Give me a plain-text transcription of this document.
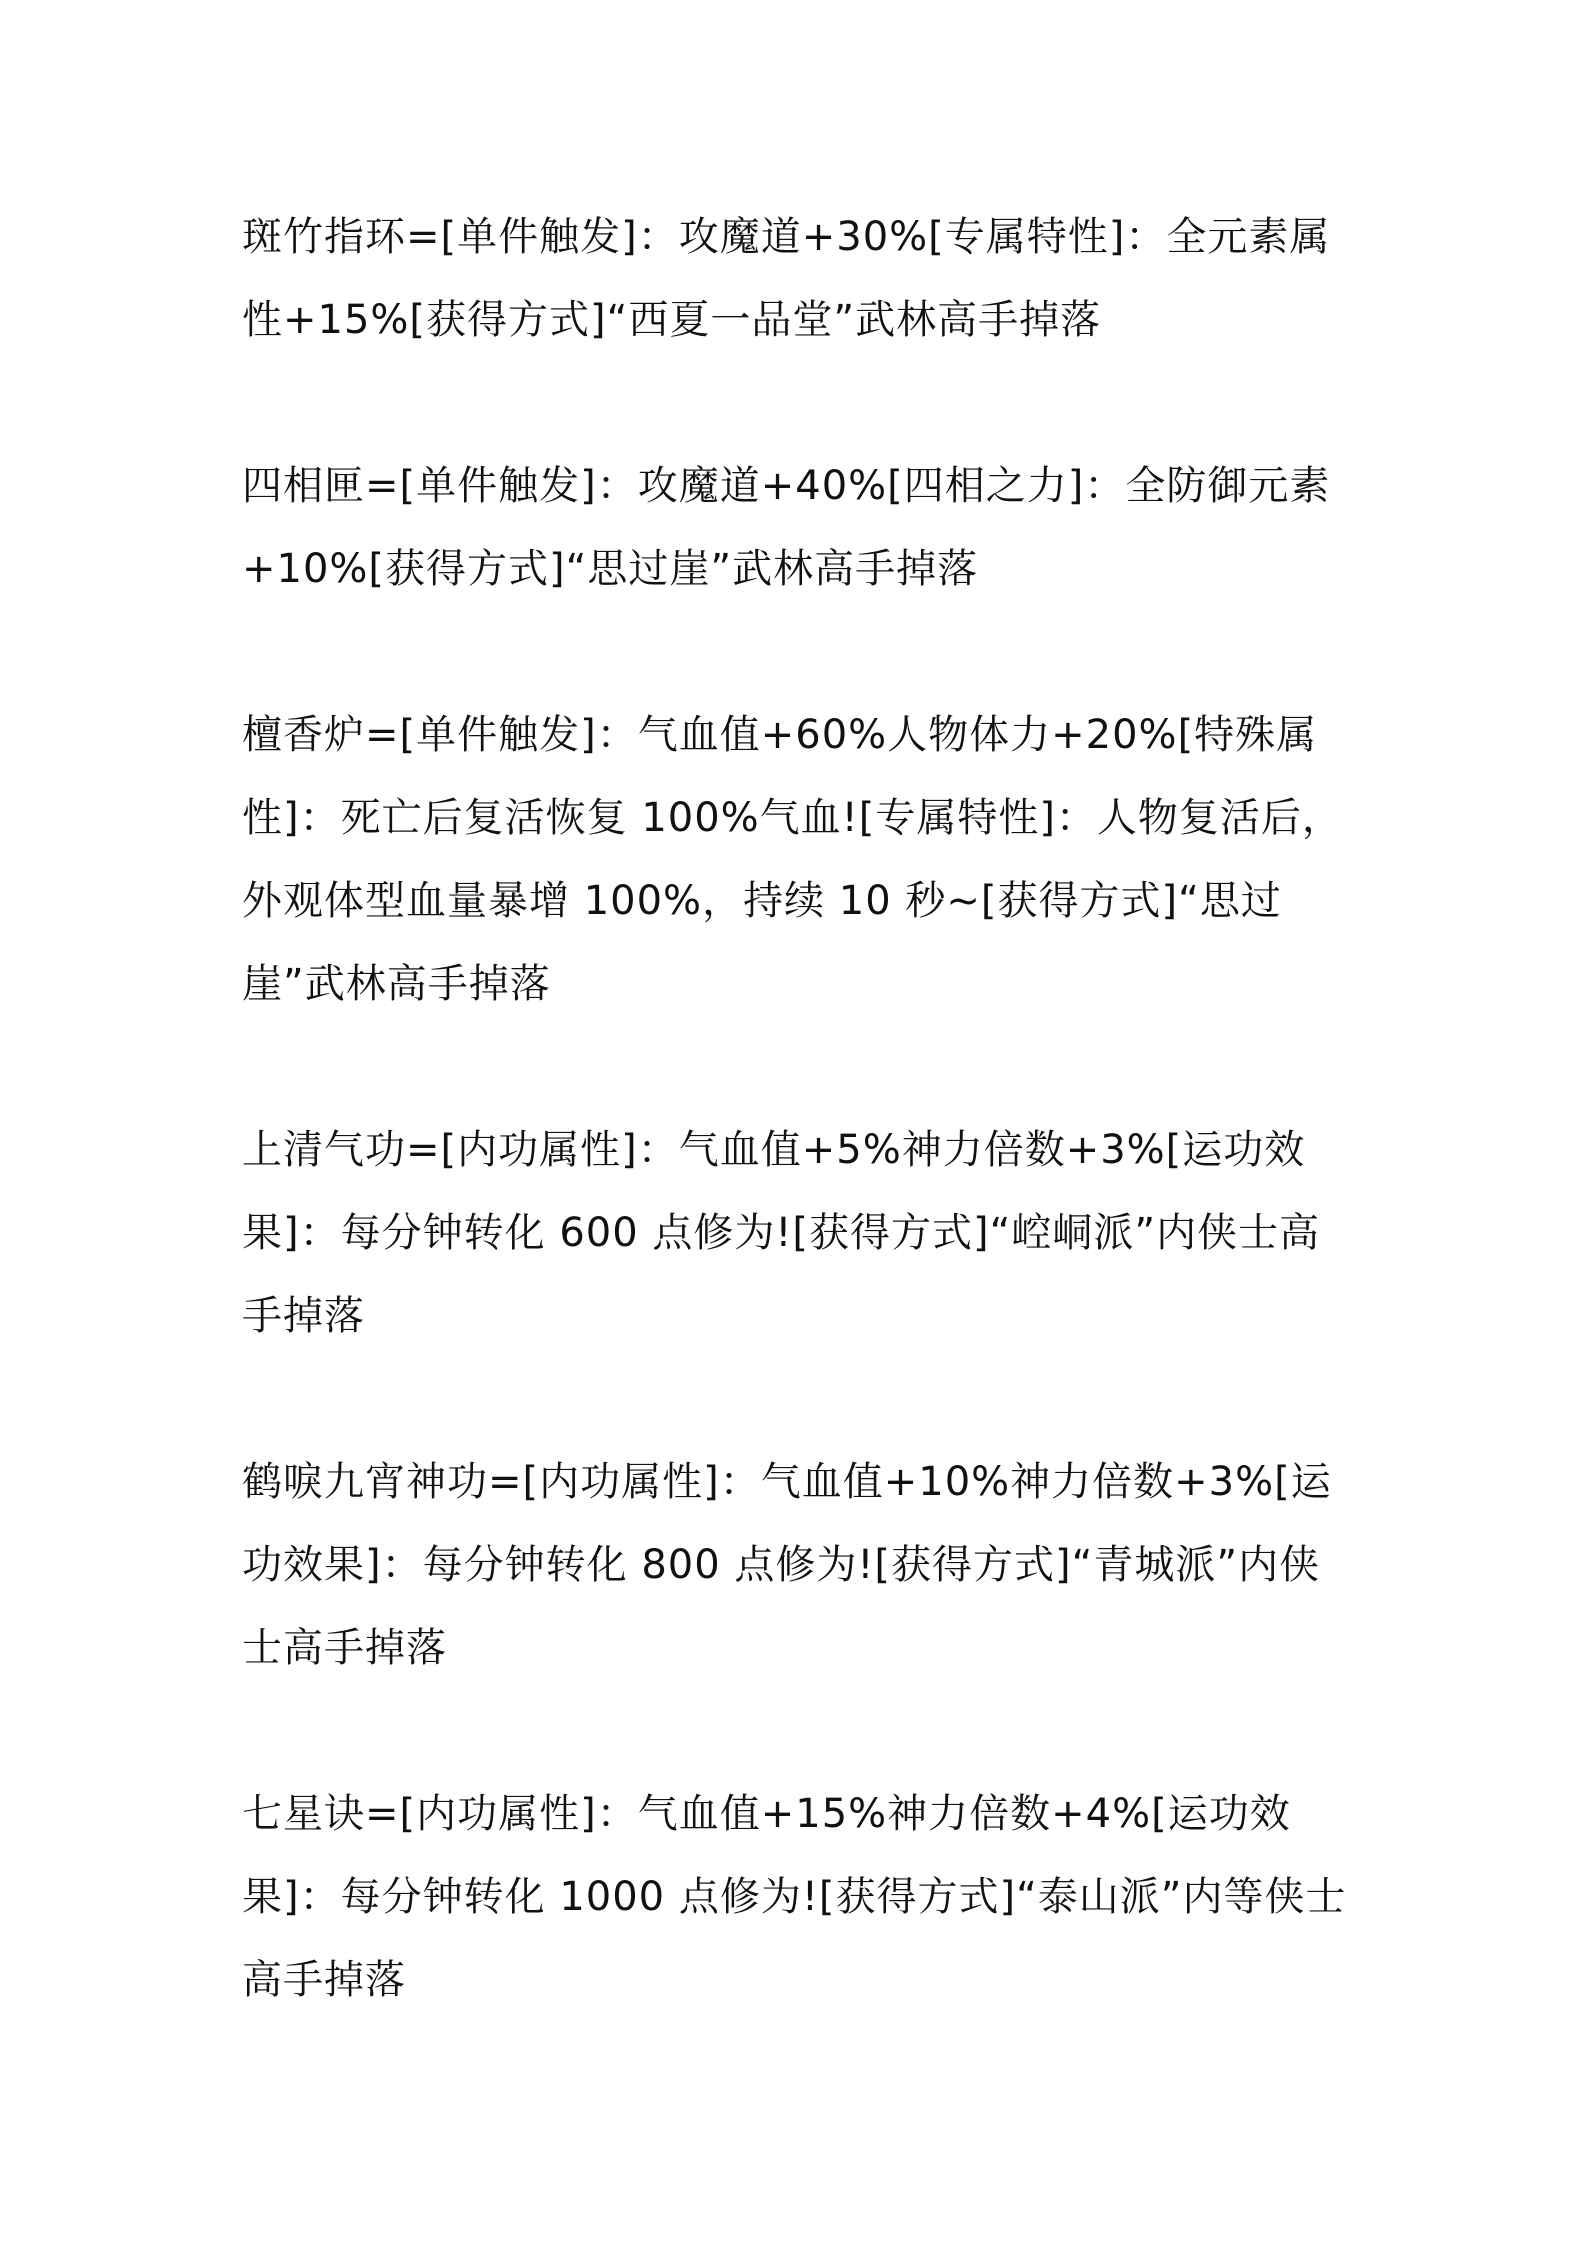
斑竹指环=[单件触发]：攻魔道+30%[专属特性]：全元素属性+15%[获得方式]“西夏一品堂”武林高手掉落

四相匣=[单件触发]：攻魔道+40%[四相之力]：全防御元素+10%[获得方式]“思过崖”武林高手掉落

檀香炉=[单件触发]：气血值+60%人物体力+20%[特殊属性]：死亡后复活恢复 100%气血![专属特性]：人物复活后，外观体型血量暴增 100%，持续 10 秒~[获得方式]“思过崖”武林高手掉落

上清气功=[内功属性]：气血值+5%神力倍数+3%[运功效果]：每分钟转化 600 点修为![获得方式]“崆峒派”内侠士高手掉落

鹤唳九宵神功=[内功属性]：气血值+10%神力倍数+3%[运功效果]：每分钟转化 800 点修为![获得方式]“青城派”内侠士高手掉落

七星诀=[内功属性]：气血值+15%神力倍数+4%[运功效果]：每分钟转化 1000 点修为![获得方式]“泰山派”内等侠士高手掉落
